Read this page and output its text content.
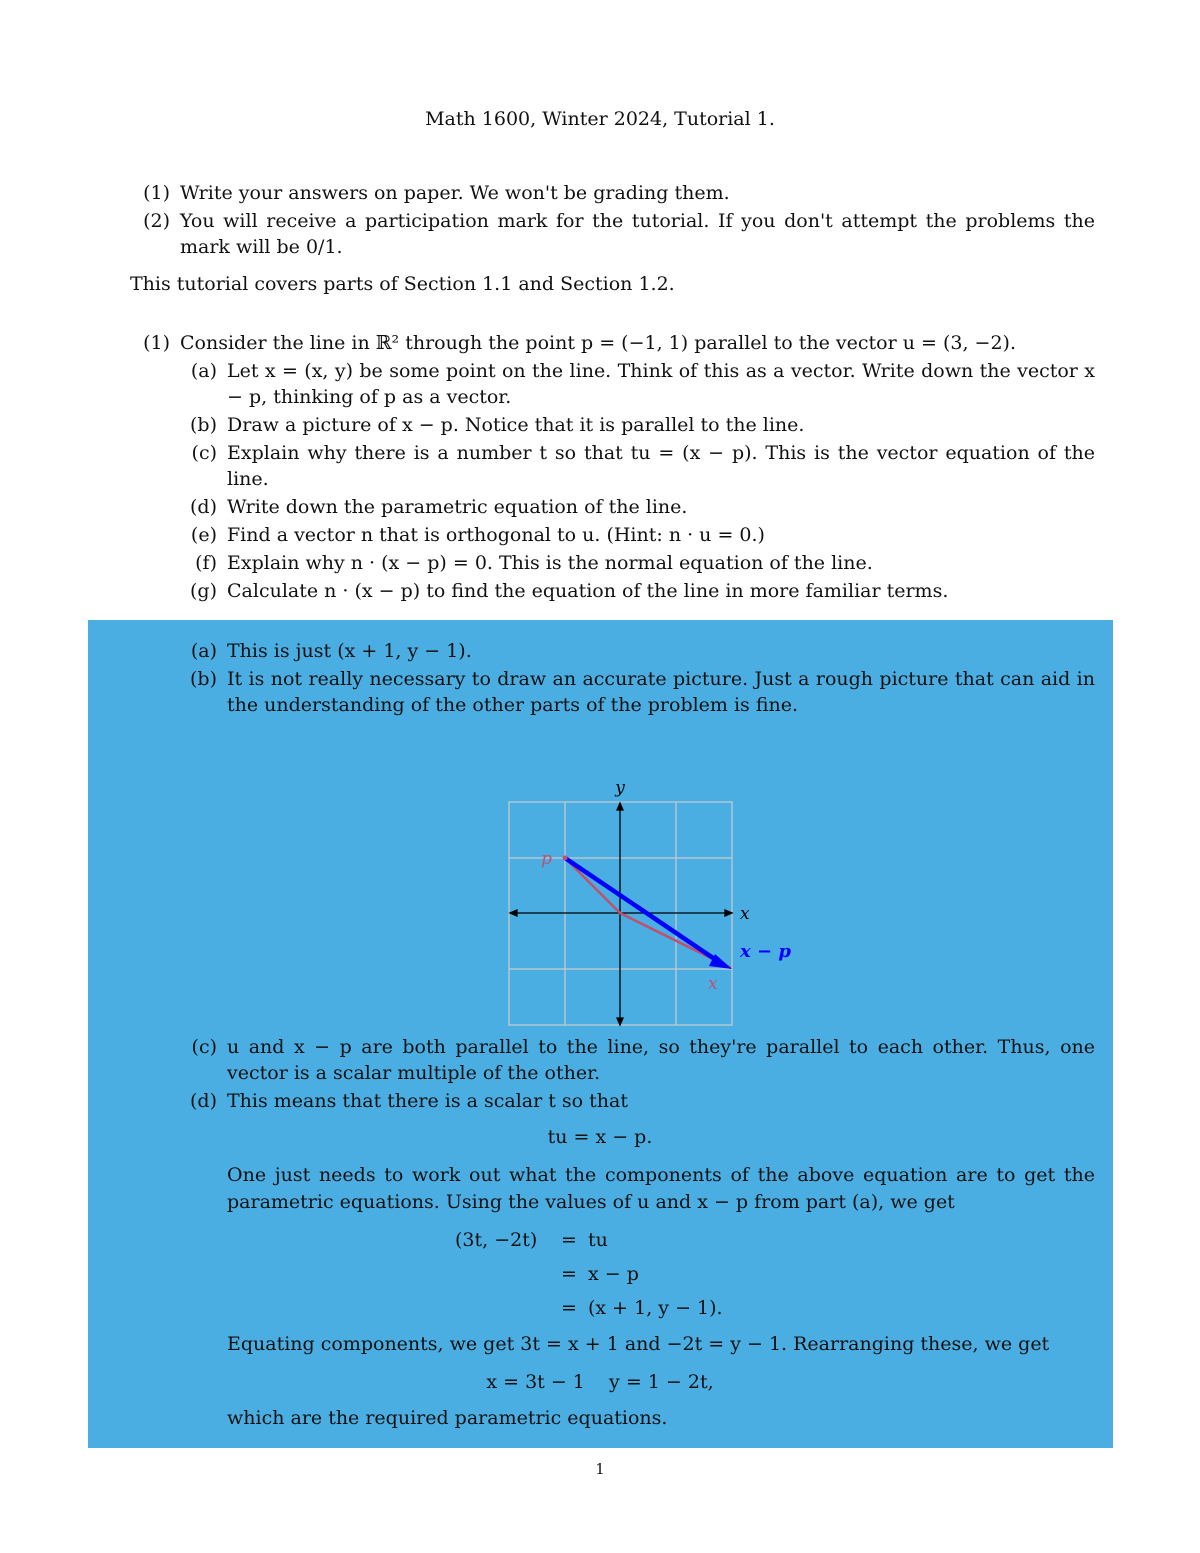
Math 1600, Winter 2024, Tutorial 1.
(1) Write your answers on paper. We won't be grading them.
(2) You will receive a participation mark for the tutorial. If you don't attempt the problems the mark will be 0/1.
This tutorial covers parts of Section 1.1 and Section 1.2.
(1) Consider the line in ℝ² through the point p = (−1, 1) parallel to the vector u = (3, −2).
(a) Let x = (x, y) be some point on the line. Think of this as a vector. Write down the vector x − p, thinking of p as a vector.
(b) Draw a picture of x − p. Notice that it is parallel to the line.
(c) Explain why there is a number t so that tu = (x − p). This is the vector equation of the line.
(d) Write down the parametric equation of the line.
(e) Find a vector n that is orthogonal to u. (Hint: n · u = 0.)
(f) Explain why n · (x − p) = 0. This is the normal equation of the line.
(g) Calculate n · (x − p) to find the equation of the line in more familiar terms.
(a) This is just (x + 1, y − 1).
(b) It is not really necessary to draw an accurate picture. Just a rough picture that can aid in the understanding of the other parts of the problem is fine.
y
x
p
x
x − p
(c) u and x − p are both parallel to the line, so they're parallel to each other. Thus, one vector is a scalar multiple of the other.
(d) This means that there is a scalar t so that
tu = x − p.
One just needs to work out what the components of the above equation are to get the parametric equations. Using the values of u and x − p from part (a), we get
(3t, −2t) = tu
= x − p
= (x + 1, y − 1).
Equating components, we get 3t = x + 1 and −2t = y − 1. Rearranging these, we get
x = 3t − 1    y = 1 − 2t,
which are the required parametric equations.
1
